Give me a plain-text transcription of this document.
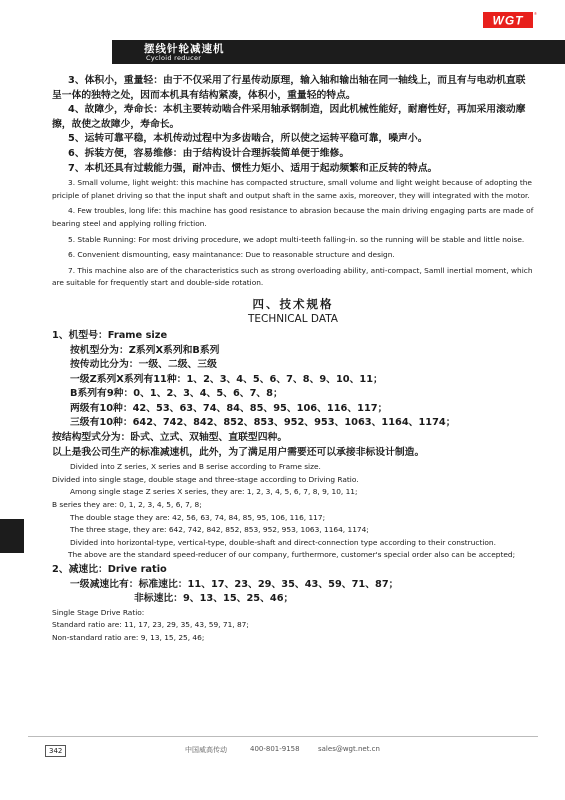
WGT	®
摆线针轮减速机
Cycloid reducer

3、体积小，重量轻：由于不仅采用了行星传动原理，输入轴和输出轴在同一轴线上，而且有与电动机直联呈一体的独特之处，因而本机具有结构紧凑，体积小，重量轻的特点。

4、故障少，寿命长：本机主要转动啮合件采用轴承钢制造，因此机械性能好，耐磨性好，再加采用滚动摩擦，故使之故障少，寿命长。

5、运转可靠平稳，本机传动过程中为多齿啮合，所以使之运转平稳可靠，噪声小。

6、拆装方便，容易维修：由于结构设计合理拆装简单便于维修。

7、本机还具有过载能力强，耐冲击、惯性力矩小、适用于起动频繁和正反转的特点。

3. Small volume, light weight: this machine has compacted structure, small volume and light weight because of adopting the priciple of planet driving so that the input shaft and output shaft in the same axis, moreover, they will integrated with the motor.

4. Few troubles, long life: this machine has good resistance to abrasion because the main driving engaging parts are made of bearing steel and applying rolling friction.

5. Stable Running: For most driving procedure, we adopt multi-teeth falling-in. so the running will be stable and little noise.

6. Convenient dismounting, easy maintanance: Due to reasonable structure and design.

7. This machine also are of the characteristics such as strong overloading ability, anti-compact, Samll inertial moment, which are suitable for frequently start and double-side rotation.

四、技术规格
TECHNICAL DATA

1、机型号：Frame size

按机型分为：Z系列X系列和B系列

按传动比分为：一级、二级、三级

一级Z系列X系列有11种：1、2、3、4、5、6、7、8、9、10、11；

B系列有9种：0、1、2、3、4、5、6、7、8；

两级有10种：42、53、63、74、84、85、95、106、116、117；

三级有10种：642、742、842、852、853、952、953、1063、1164、1174；

按结构型式分为：卧式、立式、双轴型、直联型四种。

以上是我公司生产的标准减速机，此外，为了满足用户需要还可以承接非标设计制造。

Divided into Z series, X series and B serise according to Frame size.

Divided into single stage, double stage and three-stage according to Driving Ratio.

Among single stage Z series X series, they are: 1, 2, 3, 4, 5, 6, 7, 8, 9, 10, 11;

B series they are: 0, 1, 2, 3, 4, 5, 6, 7, 8;

The double stage they are: 42, 56, 63, 74, 84, 85, 95, 106, 116, 117;

The three stage, they are: 642, 742, 842, 852, 853, 952, 953, 1063, 1164, 1174;

Divided into horizontal-type, vertical-type, double-shaft and direct-connection type according to their construction.

The above are the standard speed-reducer of our company, furthermore, customer's special order also can be accepted;

2、减速比：Drive ratio

一级减速比有：标准速比：11、17、23、29、35、43、59、71、87；

非标速比：9、13、15、25、46；

Single Stage Drive Ratio:

Standard ratio are: 11, 17, 23, 29, 35, 43, 59, 71, 87;

Non-standard ratio are: 9, 13, 15, 25, 46;

342	中国威高传动	400-801-9158	sales@wgt.net.cn
